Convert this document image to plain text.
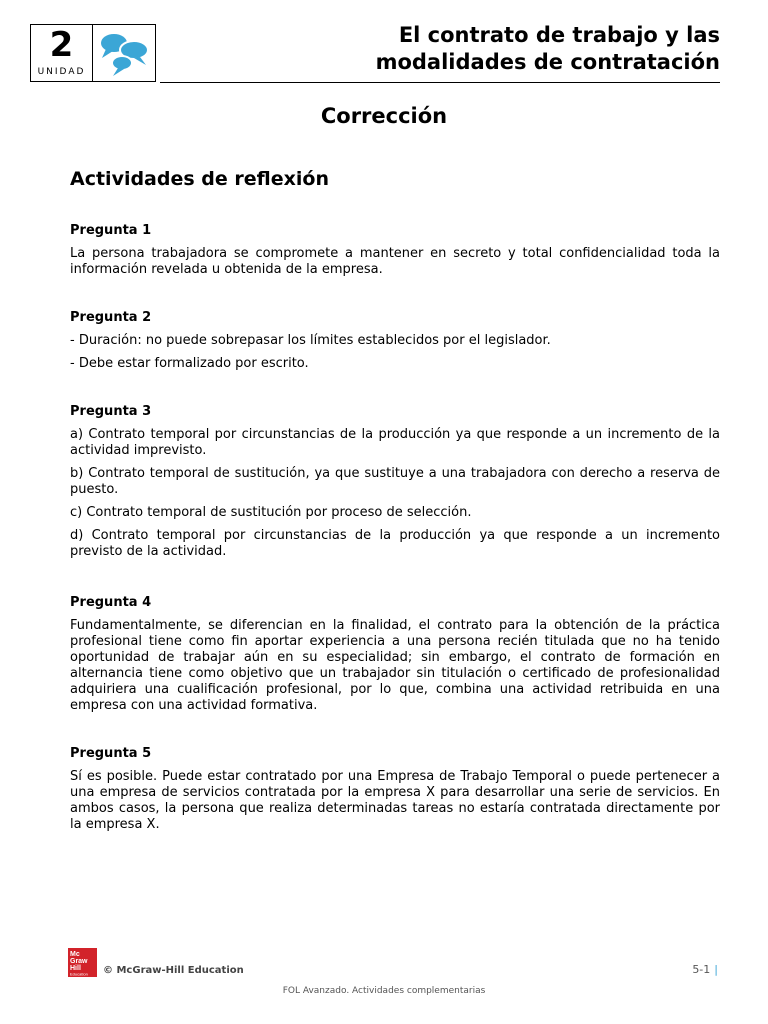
2
UNIDAD
El contrato de trabajo y las
modalidades de contratación
Corrección
Actividades de reflexión
Pregunta 1

La persona trabajadora se compromete a mantener en secreto y total confidencialidad toda la información revelada u obtenida de la empresa.

Pregunta 2

- Duración: no puede sobrepasar los límites establecidos por el legislador.

- Debe estar formalizado por escrito.

Pregunta 3

a) Contrato temporal por circunstancias de la producción ya que responde a un incremento de la actividad imprevisto.

b) Contrato temporal de sustitución, ya que sustituye a una trabajadora con derecho a reserva de puesto.

c) Contrato temporal de sustitución por proceso de selección.

d) Contrato temporal por circunstancias de la producción ya que responde a un incremento previsto de la actividad.

Pregunta 4

Fundamentalmente, se diferencian en la finalidad, el contrato para la obtención de la práctica profesional tiene como fin aportar experiencia a una persona recién titulada que no ha tenido oportunidad de trabajar aún en su especialidad; sin embargo, el contrato de formación en alternancia tiene como objetivo que un trabajador sin titulación o certificado de profesionalidad adquiriera una cualificación profesional, por lo que, combina una actividad retribuida en una empresa con una actividad formativa.

Pregunta 5

Sí es posible. Puede estar contratado por una Empresa de Trabajo Temporal o puede pertenecer a una empresa de servicios contratada por la empresa X para desarrollar una serie de servicios. En ambos casos, la persona que realiza determinadas tareas no estaría contratada directamente por la empresa X.

Mc
Graw
Hill
Education © McGraw-Hill Education	5-1 |
FOL Avanzado. Actividades complementarias
